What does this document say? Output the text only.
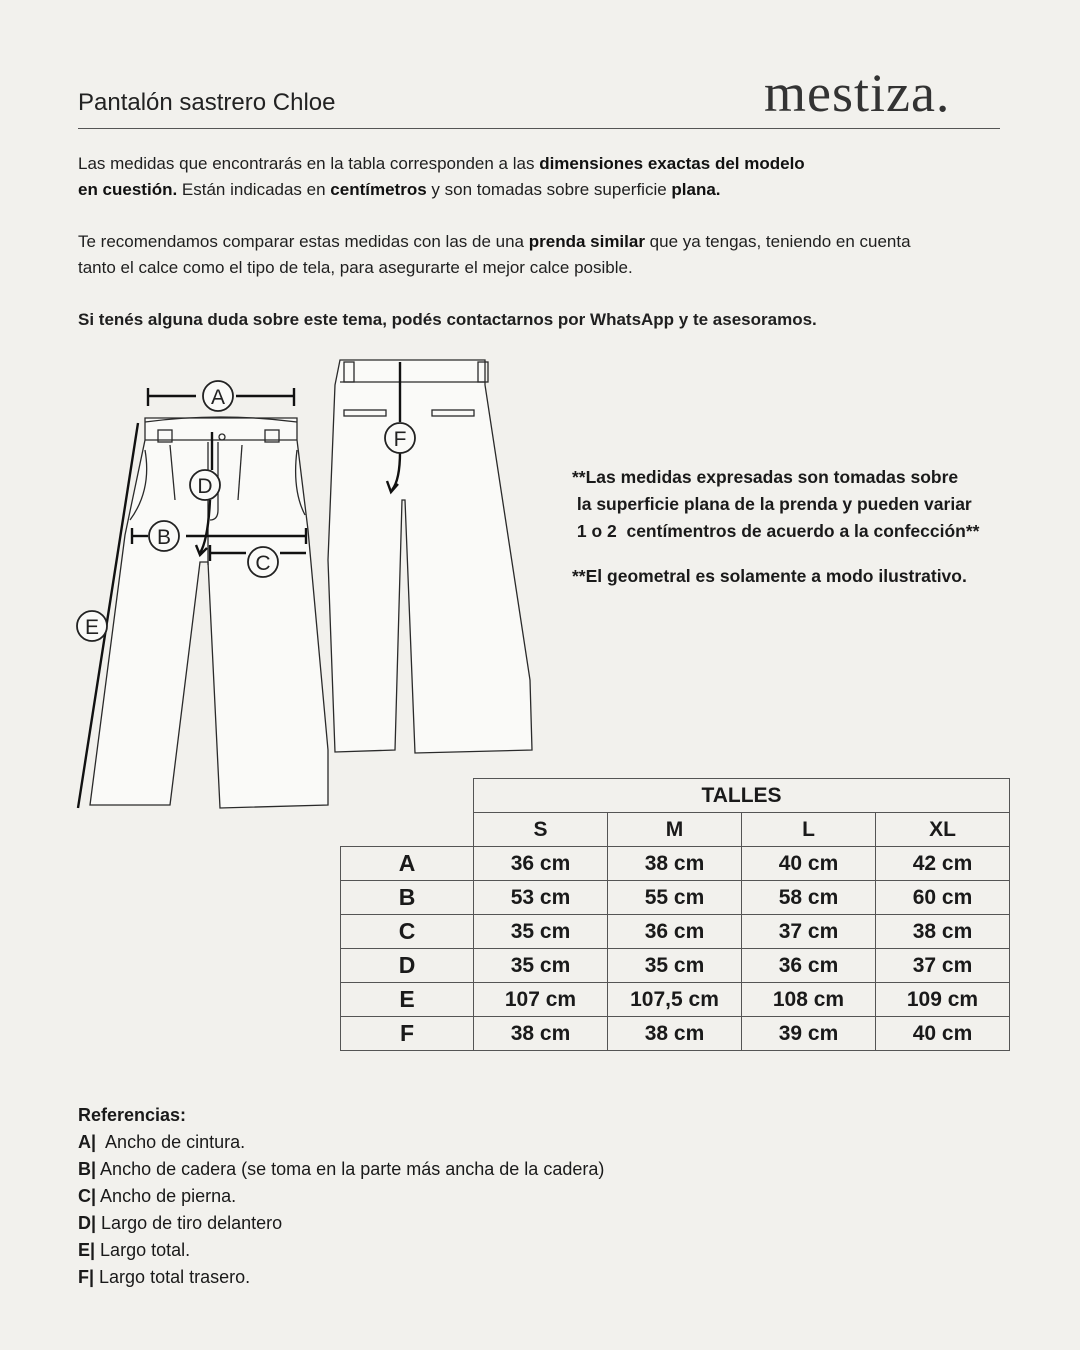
Pantalón sastrero Chloe	mestiza.
Las medidas que encontrarás en la tabla corresponden a las dimensiones exactas del modelo
en cuestión. Están indicadas en centímetros y son tomadas sobre superficie plana.
Te recomendamos comparar estas medidas con las de una prenda similar que ya tengas, teniendo en cuenta
tanto el calce como el tipo de tela, para asegurarte el mejor calce posible.
Si tenés alguna duda sobre este tema, podés contactarnos por WhatsApp y te asesoramos.
A
B
C
D
E
F
**Las medidas expresadas son tomadas sobre
la superficie plana de la prenda y pueden variar
1 o 2  centímentros de acuerdo a la confección**
**El geometral es solamente a modo ilustrativo.
	TALLES			
	S	M	L	XL
A	36 cm	38 cm	40 cm	42 cm
B	53 cm	55 cm	58 cm	60 cm
C	35 cm	36 cm	37 cm	38 cm
D	35 cm	35 cm	36 cm	37 cm
E	107 cm	107,5 cm	108 cm	109 cm
F	38 cm	38 cm	39 cm	40 cm
Referencias:
A|  Ancho de cintura.
B| Ancho de cadera (se toma en la parte más ancha de la cadera)
C| Ancho de pierna.
D| Largo de tiro delantero
E| Largo total.
F| Largo total trasero.
